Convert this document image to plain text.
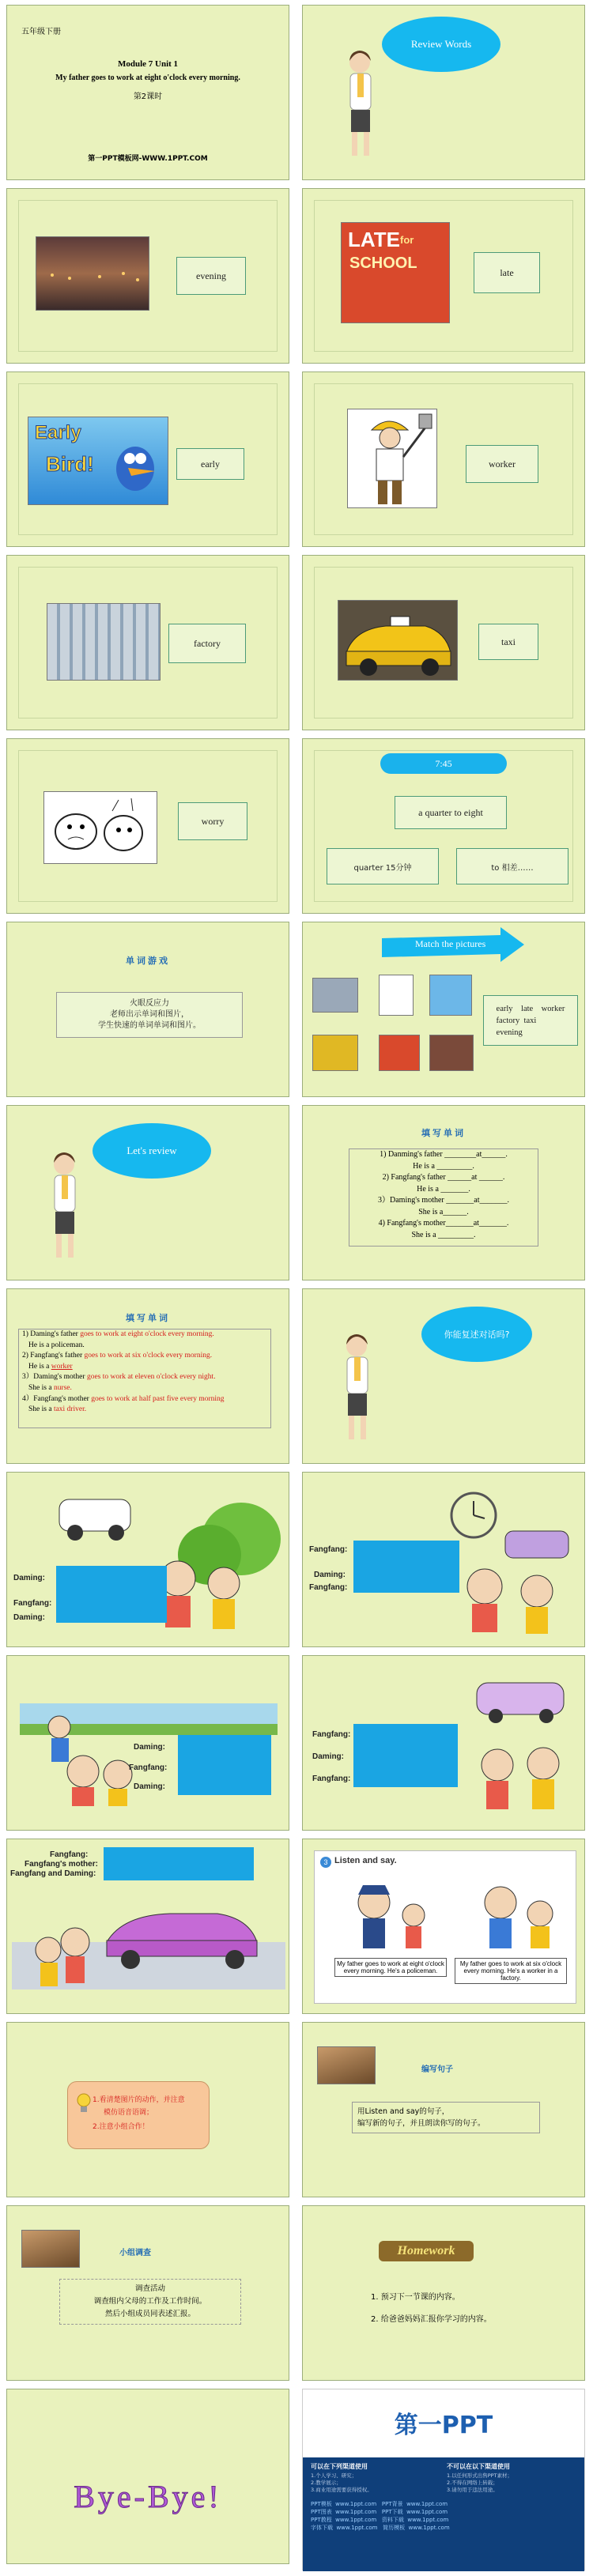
五年级下册
Module 7 Unit 1
My father goes to work at eight o'clock every morning.
第2课时
第一PPT模板网-WWW.1PPT.COM
Review Words
evening
LATE for
SCHOOL
late
Early
Bird!	early	worker
factory	taxi
worry
7:45
a quarter to eight
quarter 15分钟	to 相差……
单词游戏
火眼反应力
老师出示单词和图片，
学生快速的单词单词和图片。
Match the pictures
early    late    worker
factory  taxi
evening
Let's review
填写单词
1) Danming's father ________at______.
He is a _________.
2) Fangfang's father ______at ______.
He is a _______.
3）Daming's mother _______at_______.
She is a______.
4) Fangfang's mother_______at_______.
She is a _________.
填写单词
1) Daming's father goes to work at eight o'clock every morning.
He is a policeman.
2) Fangfang's father goes to work at six o'clock every morning.
He is a worker
3）Daming's mother goes to work at eleven o'clock every night.
She is a nurse.
4）Fangfang's mother goes to work at half past five every morning
She is a taxi driver.
你能复述对话吗?
Daming:
Fangfang:
Daming:
Fangfang:
Daming:
Fangfang:
Daming:
Fangfang:
Daming:
Fangfang:
Daming:
Fangfang:
Fangfang:
Fangfang's mother:
Fangfang and Daming:
3 Listen and say.
My father goes to work at eight o'clock every morning. He's a policeman.
My father goes to work at six o'clock every morning. He's a worker in a factory.
1.看清楚图片的动作，并注意
模仿语音语调；
2.注意小组合作！
编写句子
用Listen and say的句子，
编写新的句子，并且朗读你写的句子。
小组调查
调查活动
调查组内父母的工作及工作时间。
然后小组成员同表述汇报。
Homework
1. 预习下一节课的内容。
2. 给爸爸妈妈汇报你学习的内容。
Bye-Bye!
第一PPT
可以在下列渠道使用
1.个人学习、研究；
2.教学展示；
3.商业用途需要获得授权。
不可以在以下渠道使用
1.以任何形式出售PPT素材；
2.不得在网络上转载；
3.请勿用于违法用途。
PPT模板 www.1ppt.com PPT背景 www.1ppt.com
PPT图表 www.1ppt.com PPT下载 www.1ppt.com
PPT教程 www.1ppt.com 资料下载 www.1ppt.com
字体下载 www.1ppt.com 简历模板 www.1ppt.com
